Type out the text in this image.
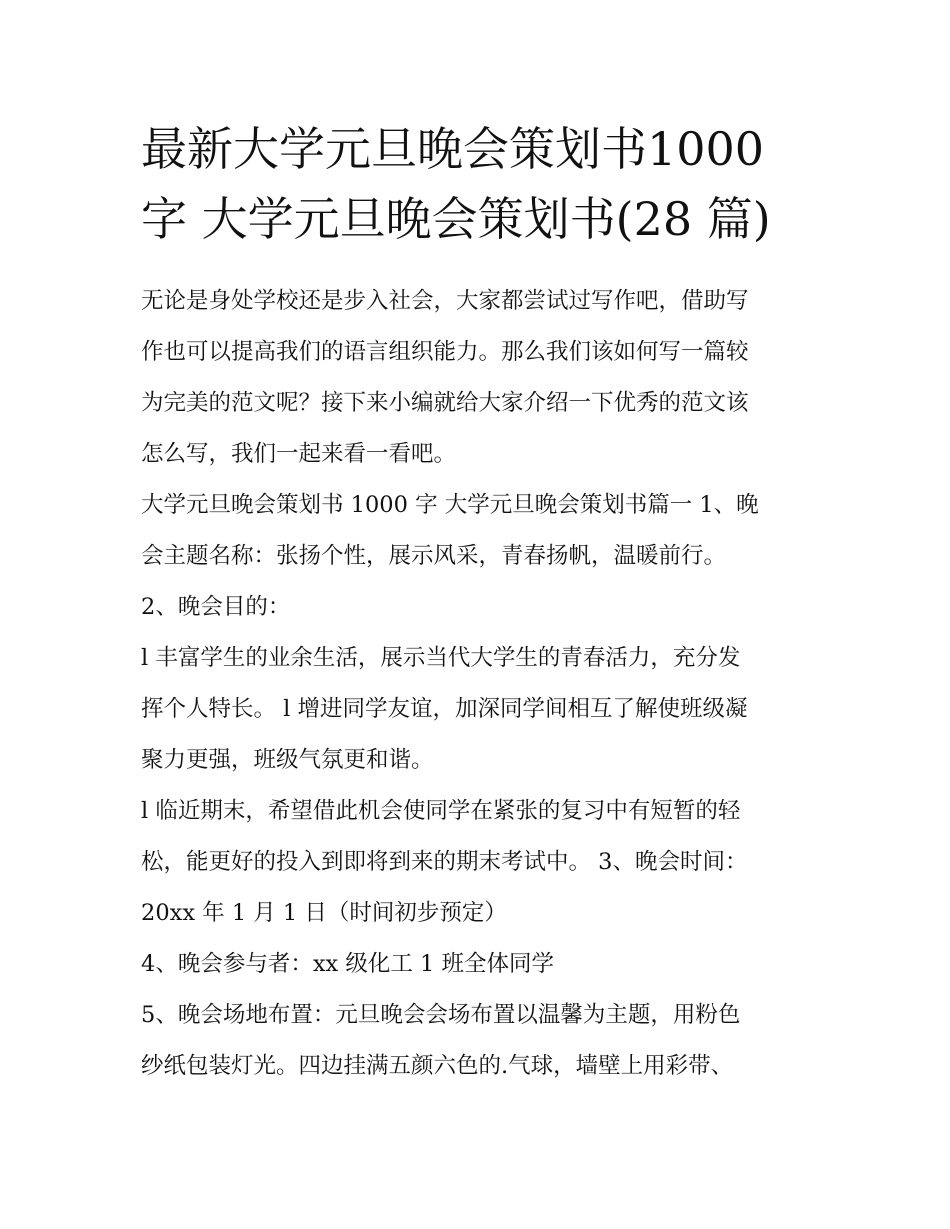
最新大学元旦晚会策划书1000
字 大学元旦晚会策划书(28 篇)
无论是身处学校还是步入社会，大家都尝试过写作吧，借助写
作也可以提高我们的语言组织能力。那么我们该如何写一篇较
为完美的范文呢？接下来小编就给大家介绍一下优秀的范文该
怎么写，我们一起来看一看吧。
大学元旦晚会策划书 1000 字 大学元旦晚会策划书篇一 1、晚
会主题名称：张扬个性，展示风采，青春扬帆，温暖前行。
2、晚会目的：
l 丰富学生的业余生活，展示当代大学生的青春活力，充分发
挥个人特长。 l 增进同学友谊，加深同学间相互了解使班级凝
聚力更强，班级气氛更和谐。
l 临近期末，希望借此机会使同学在紧张的复习中有短暂的轻
松，能更好的投入到即将到来的期末考试中。 3、晚会时间：
20xx 年 1 月 1 日（时间初步预定）
4、晚会参与者：xx 级化工 1 班全体同学
5、晚会场地布置：元旦晚会会场布置以温馨为主题，用粉色
纱纸包装灯光。四边挂满五颜六色的.气球，墙壁上用彩带、
